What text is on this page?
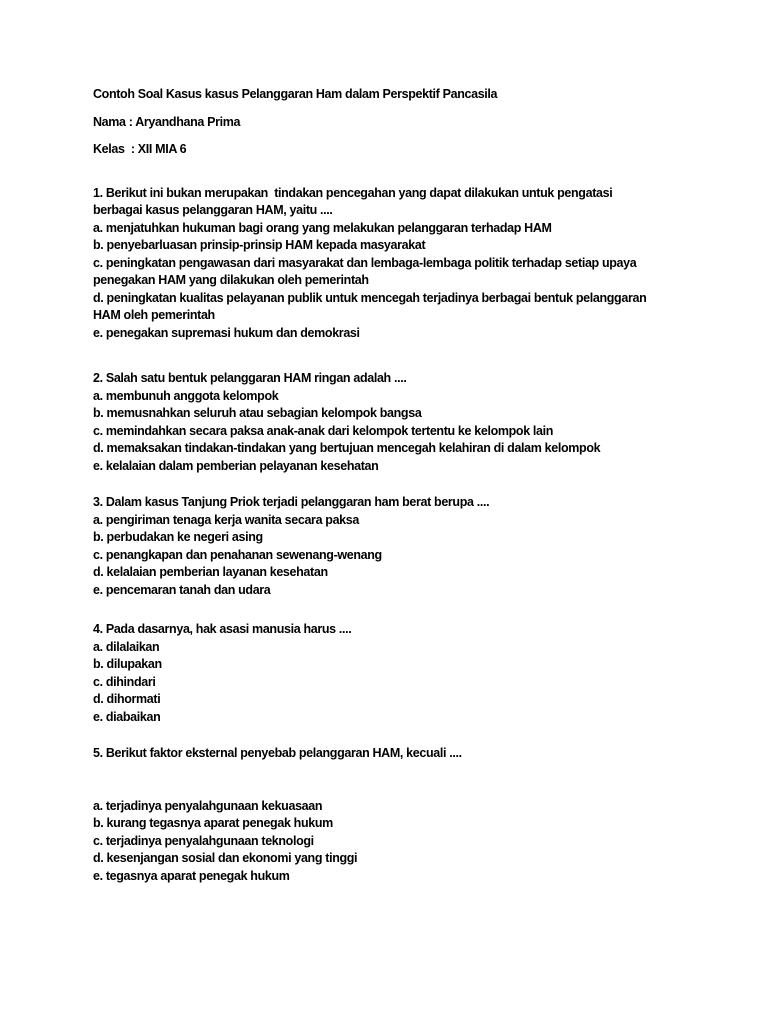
Contoh Soal Kasus kasus Pelanggaran Ham dalam Perspektif Pancasila
Nama : Aryandhana Prima
Kelas  : XII MIA 6
1. Berikut ini bukan merupakan  tindakan pencegahan yang dapat dilakukan untuk pengatasi
berbagai kasus pelanggaran HAM, yaitu ....
a. menjatuhkan hukuman bagi orang yang melakukan pelanggaran terhadap HAM
b. penyebarluasan prinsip-prinsip HAM kepada masyarakat
c. peningkatan pengawasan dari masyarakat dan lembaga-lembaga politik terhadap setiap upaya
penegakan HAM yang dilakukan oleh pemerintah
d. peningkatan kualitas pelayanan publik untuk mencegah terjadinya berbagai bentuk pelanggaran
HAM oleh pemerintah
e. penegakan supremasi hukum dan demokrasi
2. Salah satu bentuk pelanggaran HAM ringan adalah ....
a. membunuh anggota kelompok
b. memusnahkan seluruh atau sebagian kelompok bangsa
c. memindahkan secara paksa anak-anak dari kelompok tertentu ke kelompok lain
d. memaksakan tindakan-tindakan yang bertujuan mencegah kelahiran di dalam kelompok
e. kelalaian dalam pemberian pelayanan kesehatan
3. Dalam kasus Tanjung Priok terjadi pelanggaran ham berat berupa ....
a. pengiriman tenaga kerja wanita secara paksa
b. perbudakan ke negeri asing
c. penangkapan dan penahanan sewenang-wenang
d. kelalaian pemberian layanan kesehatan
e. pencemaran tanah dan udara
4. Pada dasarnya, hak asasi manusia harus ....
a. dilalaikan
b. dilupakan
c. dihindari
d. dihormati
e. diabaikan
5. Berikut faktor eksternal penyebab pelanggaran HAM, kecuali ....
a. terjadinya penyalahgunaan kekuasaan
b. kurang tegasnya aparat penegak hukum
c. terjadinya penyalahgunaan teknologi
d. kesenjangan sosial dan ekonomi yang tinggi
e. tegasnya aparat penegak hukum
